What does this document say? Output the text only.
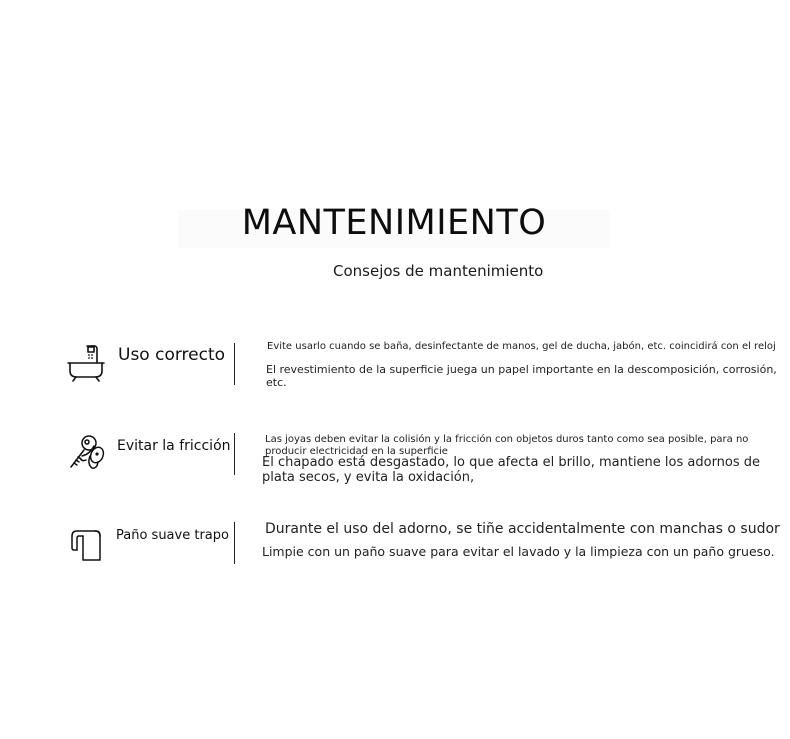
MANTENIMIENTO
Consejos de mantenimiento
Uso correcto	Evite usarlo cuando se baña, desinfectante de manos, gel de ducha, jabón, etc. coincidirá con el reloj
El revestimiento de la superficie juega un papel importante en la descomposición, corrosión, etc.
Evitar la fricción	Las joyas deben evitar la colisión y la fricción con objetos duros tanto como sea posible, para no producir electricidad en la superficie
El chapado está desgastado, lo que afecta el brillo, mantiene los adornos de plata secos, y evita la oxidación,
Paño suave trapo	Durante el uso del adorno, se tiñe accidentalmente con manchas o sudor
Limpie con un paño suave para evitar el lavado y la limpieza con un paño grueso.
